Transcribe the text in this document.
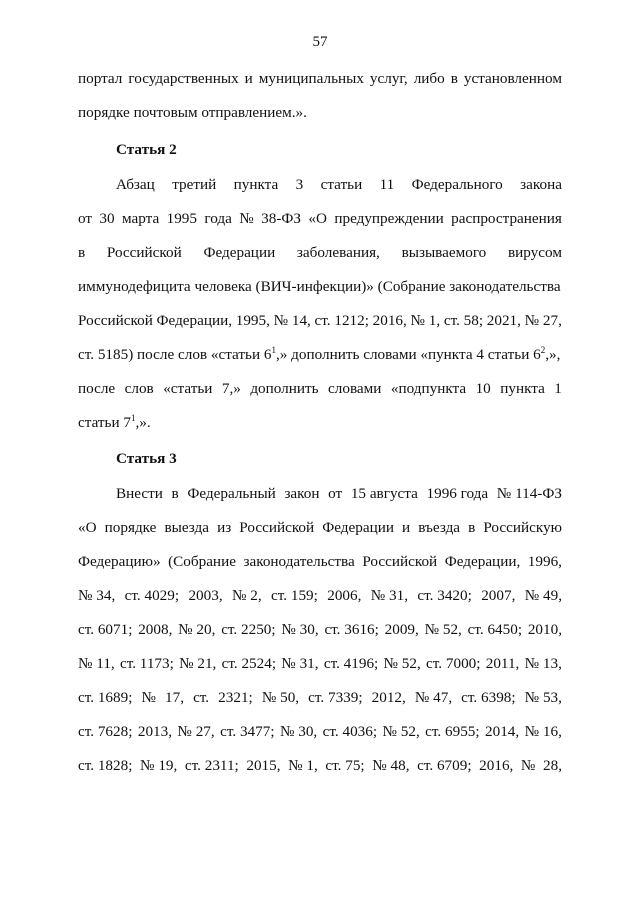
57
портал государственных и муниципальных услуг, либо в установленном
порядке почтовым отправлением.».
Статья 2
Абзац третий пункта 3 статьи 11 Федерального закона
от 30 марта 1995 года № 38-ФЗ «О предупреждении распространения
в Российской Федерации заболевания, вызываемого вирусом
иммунодефицита человека (ВИЧ-инфекции)» (Собрание законодательства
Российской Федерации, 1995, № 14, ст. 1212; 2016, № 1, ст. 58; 2021, № 27,
ст. 5185) после слов «статьи $6^1$,» дополнить словами «пункта 4 статьи $6^2$,»,
после слов «статьи 7,» дополнить словами «подпункта 10 пункта 1
статьи $7^1$,».
Статья 3
Внести в Федеральный закон от 15 августа 1996 года № 114-ФЗ
«О порядке выезда из Российской Федерации и въезда в Российскую
Федерацию» (Собрание законодательства Российской Федерации, 1996,
№ 34, ст. 4029; 2003, № 2, ст. 159; 2006, № 31, ст. 3420; 2007, № 49,
ст. 6071; 2008, № 20, ст. 2250; № 30, ст. 3616; 2009, № 52, ст. 6450; 2010,
№ 11, ст. 1173; № 21, ст. 2524; № 31, ст. 4196; № 52, ст. 7000; 2011, № 13,
ст. 1689; № 17, ст. 2321; № 50, ст. 7339; 2012, № 47, ст. 6398; № 53,
ст. 7628; 2013, № 27, ст. 3477; № 30, ст. 4036; № 52, ст. 6955; 2014, № 16,
ст. 1828; № 19, ст. 2311; 2015, № 1, ст. 75; № 48, ст. 6709; 2016, № 28,
